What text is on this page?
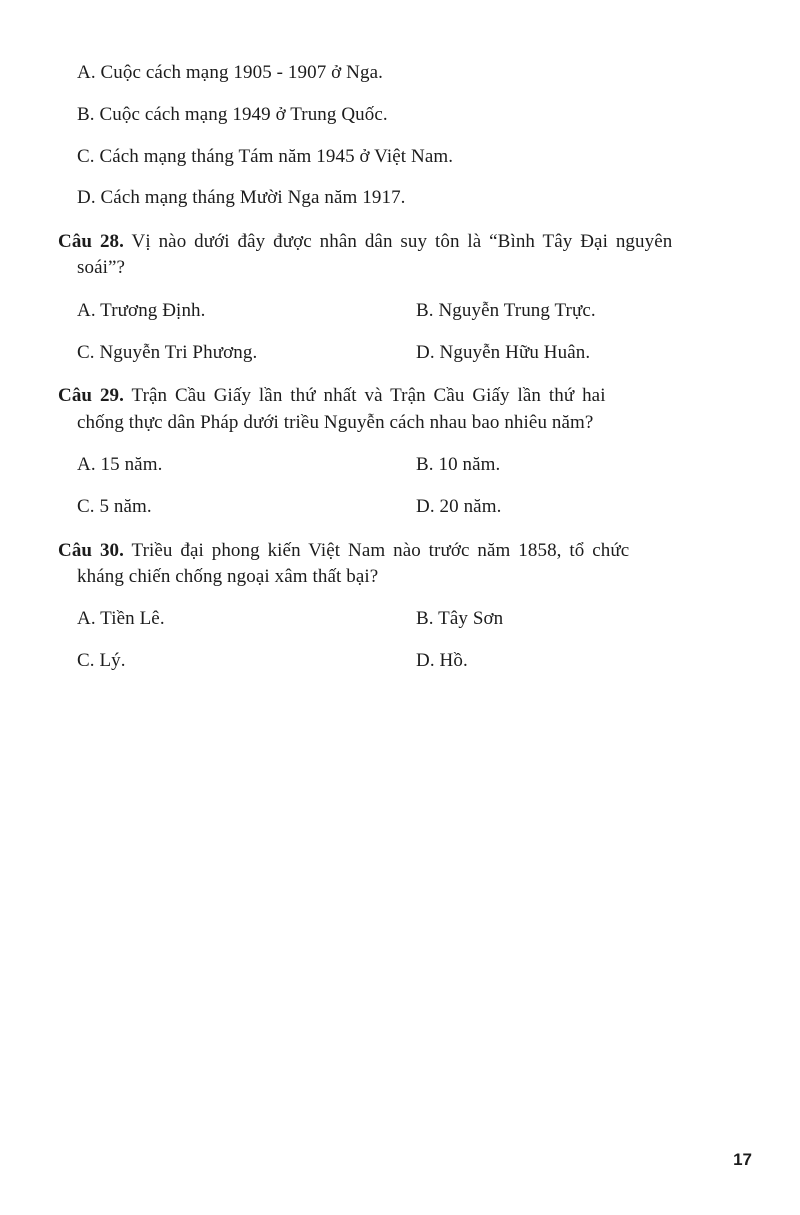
A. Cuộc cách mạng 1905 - 1907 ở Nga.
B. Cuộc cách mạng 1949 ở Trung Quốc.
C. Cách mạng tháng Tám năm 1945 ở Việt Nam.
D. Cách mạng tháng Mười Nga năm 1917.
Câu 28. Vị nào dưới đây được nhân dân suy tôn là “Bình Tây Đại nguyên
soái”?
A. Trương Định.	B. Nguyễn Trung Trực.
C. Nguyễn Tri Phương.	D. Nguyễn Hữu Huân.
Câu 29. Trận Cầu Giấy lần thứ nhất và Trận Cầu Giấy lần thứ hai
chống thực dân Pháp dưới triều Nguyễn cách nhau bao nhiêu năm?
A. 15 năm.	B. 10 năm.
C. 5 năm.	D. 20 năm.
Câu 30. Triều đại phong kiến Việt Nam nào trước năm 1858, tổ chức
kháng chiến chống ngoại xâm thất bại?
A. Tiền Lê.	B. Tây Sơn
C. Lý.	D. Hồ.
17
